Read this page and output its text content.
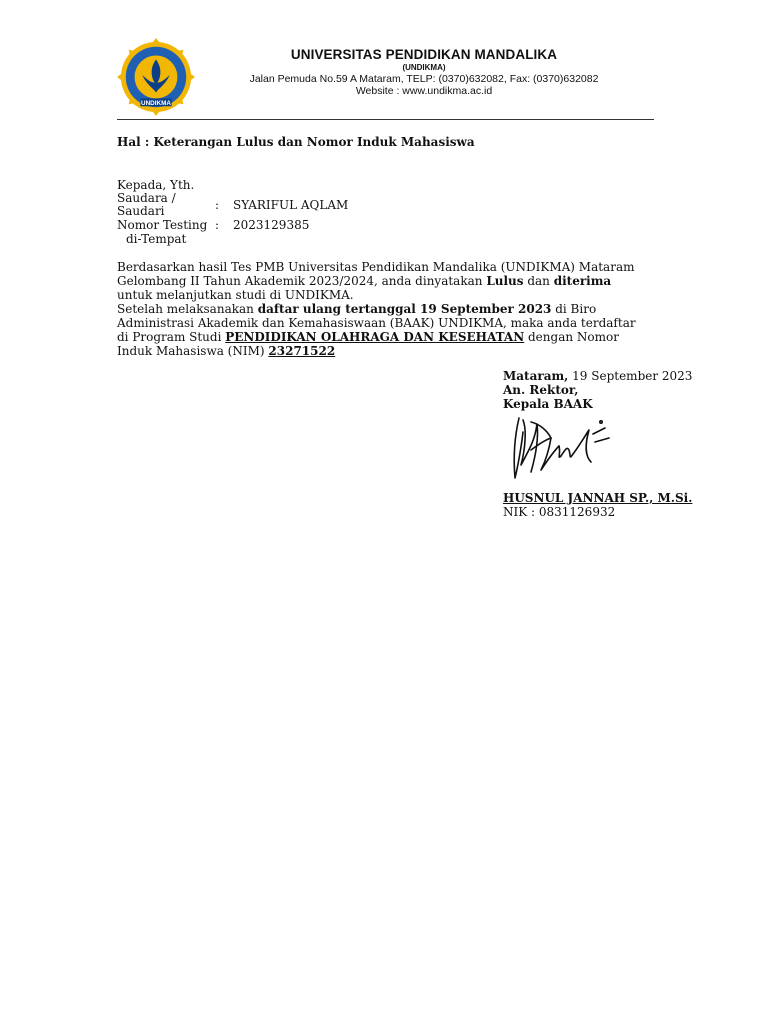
UNDIKMA
UNIVERSITAS PENDIDIKAN MANDALIKA
(UNDIKMA)
Jalan Pemuda No.59 A Mataram, TELP: (0370)632082, Fax: (0370)632082
Website : www.undikma.ac.id
Hal : Keterangan Lulus dan Nomor Induk Mahasiswa
Kepada, Yth.
Saudara /
Saudari	: SYARIFUL AQLAM
Nomor Testing : 2023129385
di-Tempat

Berdasarkan hasil Tes PMB Universitas Pendidikan Mandalika (UNDIKMA) Mataram Gelombang II Tahun Akademik 2023/2024, anda dinyatakan Lulus dan diterima untuk melanjutkan studi di UNDIKMA.

Setelah melaksanakan daftar ulang tertanggal 19 September 2023 di Biro Administrasi Akademik dan Kemahasiswaan (BAAK) UNDIKMA, maka anda terdaftar di Program Studi PENDIDIKAN OLAHRAGA DAN KESEHATAN dengan Nomor Induk Mahasiswa (NIM) 23271522

Mataram, 19 September 2023
An. Rektor,
Kepala BAAK
HUSNUL JANNAH SP., M.Si.
NIK : 0831126932
